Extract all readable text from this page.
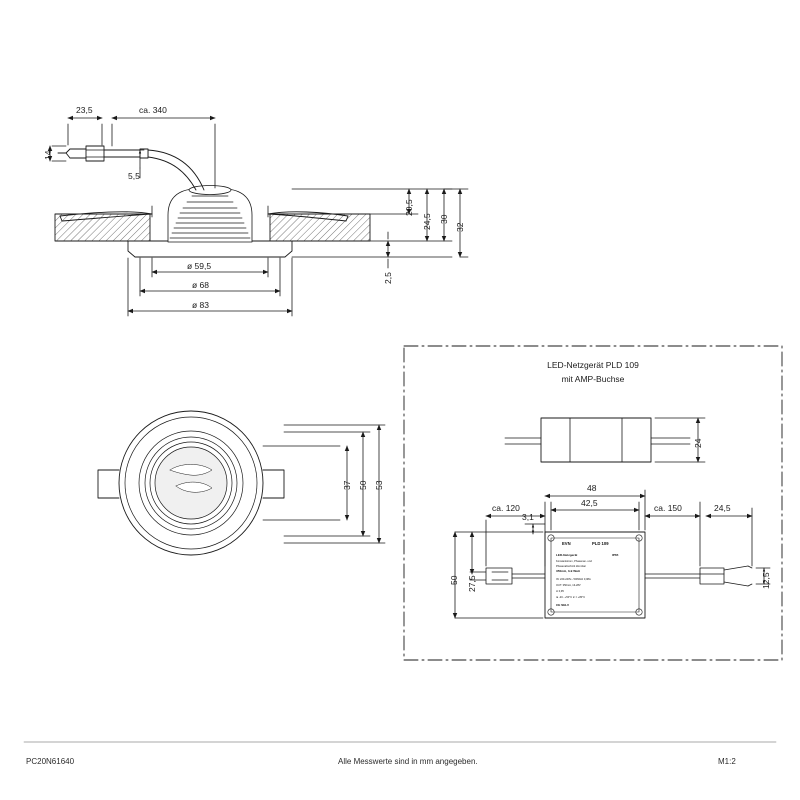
23,5	ca. 340
14
5,5
20,5
24,5 30
32
2,5
ø 59,5
ø 68
ø 83
37 50 53
LED-Netzgerät PLD 109
mit AMP-Buchse
24
ca. 120
48
42,5	ca. 150	24,5
3,1
50 27,5	12,5
EVN	PLD 109
LED-Netzgerät	IP65
Konstantstrom, Phasenan- und
Phasenabschnitt dimmbar
350mA, 3-9 Watt
IN: 220-240V~ 50/60Hz 0,08A
OUT: 350mA, 13-28V
tc 0,95
ta -20...+50°C tc = +80°C
CE SELV
PC20N61640	Alle Messwerte sind in mm angegeben.	M1:2
